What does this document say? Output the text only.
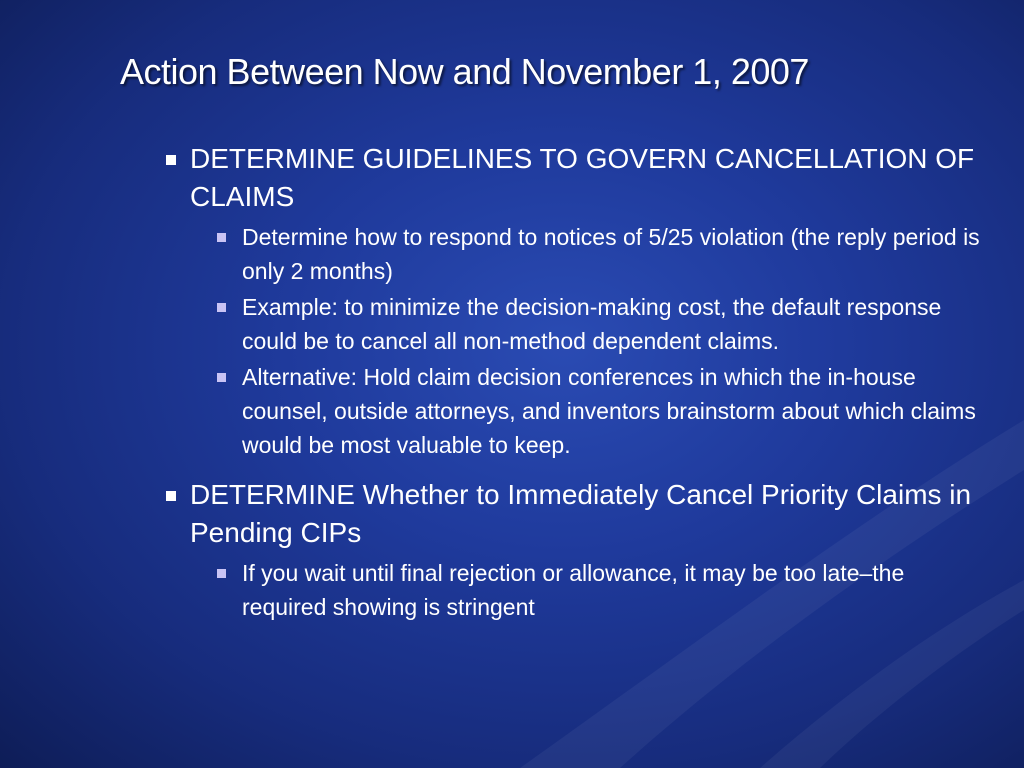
Action Between Now and November 1, 2007
DETERMINE GUIDELINES TO GOVERN CANCELLATION OF CLAIMS
Determine how to respond to notices of 5/25 violation (the reply period is only 2 months)
Example: to minimize the decision-making cost, the default response could be to cancel all non-method dependent claims.
Alternative: Hold claim decision conferences in which the in-house counsel, outside attorneys, and inventors brainstorm about which claims would be most valuable to keep.
DETERMINE Whether to Immediately Cancel Priority Claims in Pending CIPs
If you wait until final rejection or allowance, it may be too late–the required showing is stringent
